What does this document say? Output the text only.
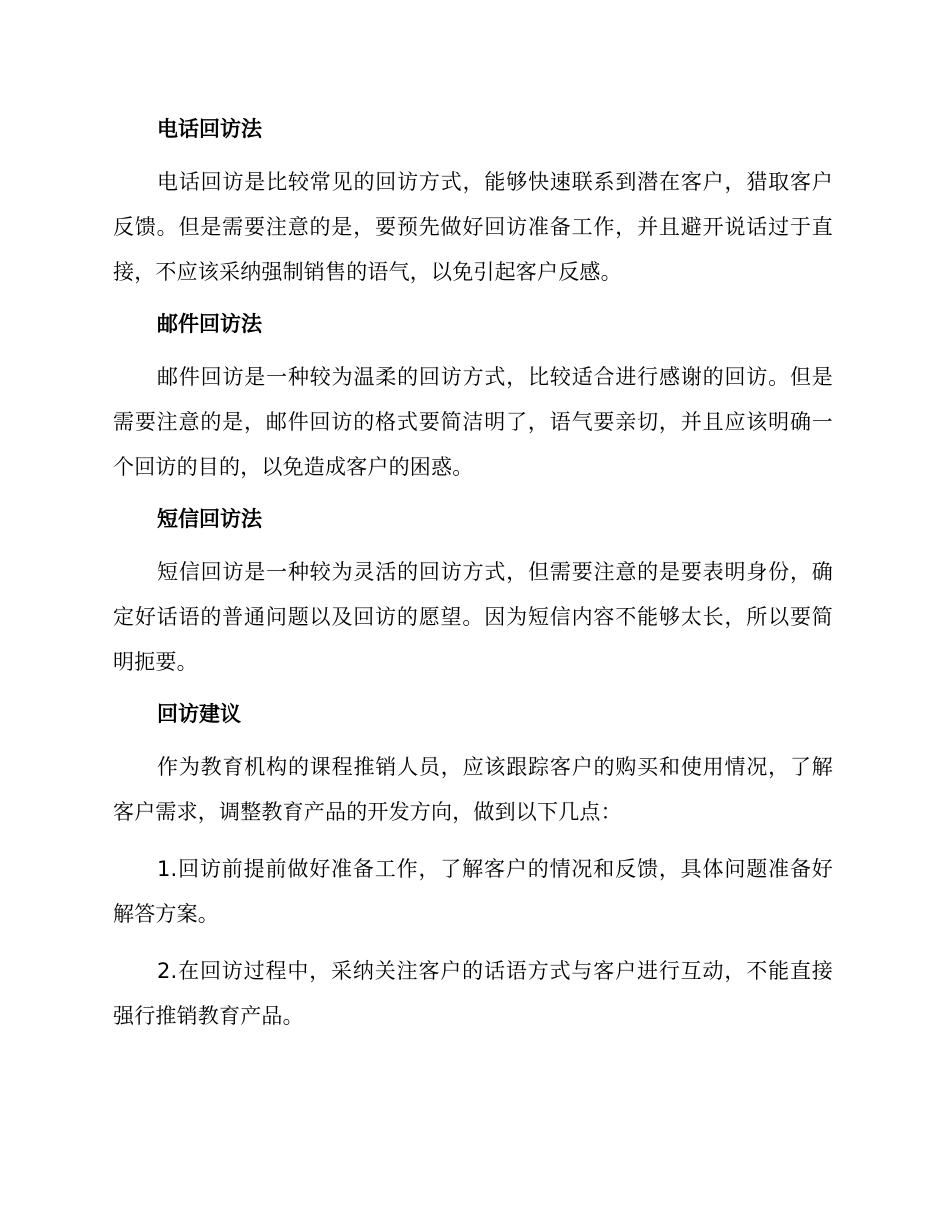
电话回访法
电话回访是比较常见的回访方式，能够快速联系到潜在客户，猎取客户反馈。但是需要注意的是，要预先做好回访准备工作，并且避开说话过于直接，不应该采纳强制销售的语气，以免引起客户反感。
邮件回访法
邮件回访是一种较为温柔的回访方式，比较适合进行感谢的回访。但是需要注意的是，邮件回访的格式要简洁明了，语气要亲切，并且应该明确一个回访的目的，以免造成客户的困惑。
短信回访法
短信回访是一种较为灵活的回访方式，但需要注意的是要表明身份，确定好话语的普通问题以及回访的愿望。因为短信内容不能够太长，所以要简明扼要。
回访建议
作为教育机构的课程推销人员，应该跟踪客户的购买和使用情况，了解客户需求，调整教育产品的开发方向，做到以下几点：
1.回访前提前做好准备工作，了解客户的情况和反馈，具体问题准备好解答方案。
2.在回访过程中，采纳关注客户的话语方式与客户进行互动，不能直接强行推销教育产品。
